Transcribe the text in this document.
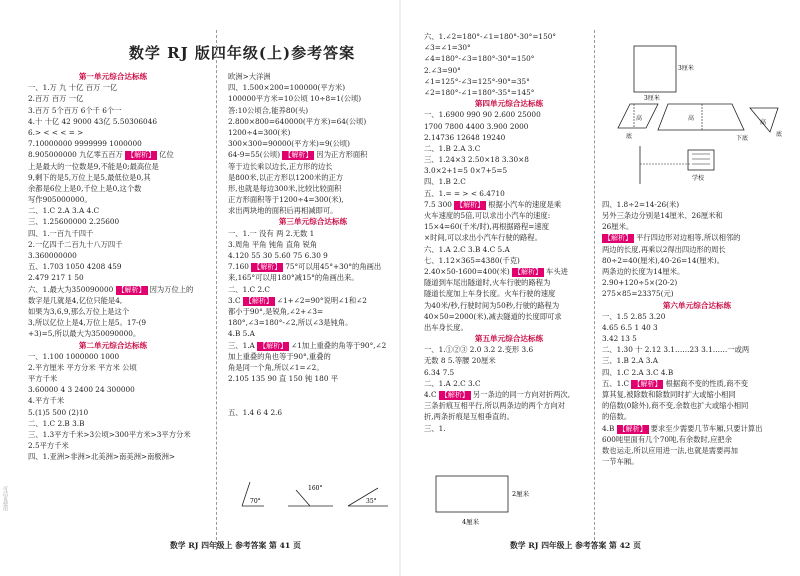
可活页使用
数学 RJ 版四年级(上)参考答案
第一单元综合达标练
一、1.万 九 十亿 百万 一亿
2.百万 百万 一亿
3.百万 5个百万 6个千 6个一
4.十 十亿 42 9000 43亿 5.50306046
6.> < < < = >
7.10000000 9999999 1000000
8.905000000 九亿零五百万 【解析】 亿位
上是最大的一位数是9,不能是0;最高位是
9,剩下的是5,万位上是5,最低位是0,其
余都是6位上是0,千位上是0,这个数
写作905000000。
二、1.C 2.A 3.A 4.C
三、1.25600000 2.25600
四、1.一百九千四千
2.一亿四千二百九十八万四千
3.360000000
五、1.703 1050 4208 459
2.479 217 1 50
六、1.最大为350090000 【解析】 因为万位上的
数字是几就是4,亿位只能是4,
如果为3,6,9,那么万位上是这个
3,所以亿位上是4,万位上是5。17-(9
+3)=5,所以最大为350090000。
第二单元综合达标练
一、1.100 1000000 1000
2.平方厘米 平方分米 平方米 公顷
平方千米
3.60000 4 3 2400 24 300000
4.平方千米
5.(1)5 500 (2)10
二、1.C 2.B 3.B
三、1.3平方千米>3公顷>300平方米>3平方分米
2.5平方千米
四、1.亚洲>非洲>北美洲>南美洲>南极洲>
欧洲>大洋洲
四、1.500×200=100000(平方米)
100000平方米=10公顷 10÷8=1(公顷)
答:10公顷合,能养80(头)
2.800×800=640000(平方米)=64(公顷)
1200÷4=300(米)
300×300=90000(平方米)=9(公顷)
64-9=55(公顷) 【解析】 因为正方形面积
等于边长乘以边长,正方形的边长
是800米,以正方形以1200米的正方
形,也就是每边300米,比较比较面积
正方形面积等于1200÷4=300(米),
求出两块地的面积后再相减即可。
第三单元综合达标练
一、1.一 没有 两 2.无数 1
3.周角 平角 钝角 直角 锐角
4.120 55 30 5.60 75 6.30 9
7.160 【解析】 75°可以用45°+30°的角画出
来,165°可以用180°减15°的角画出来。
二、1.C 2.C
3.C 【解析】 ∠1+∠2=90°说明∠1和∠2
都小于90°,是锐角,∠2+∠3=
180°,∠3=180°-∠2,所以∠3是钝角。
4.B 5.A
三、1.A 【解析】 ∠1加上重叠的角等于90°,∠2
加上重叠的角也等于90°,重叠的
角是同一个角,所以∠1=∠2。
2.105 135 90 直 150 钝 180 平
五、1.4 6 4 2.6
六、1.∠2=180°-∠1=180°-30°=150°
∠3=∠1=30°
∠4=180°-∠3=180°-30°=150°
2.∠3=90°
∠1=125°-∠3=125°-90°=35°
∠2=180°-∠1=180°-35°=145°
第四单元综合达标练
一、1.6900 990 90 2.600 25000
1700 7800 4400 3.900 2000
2.14736 12648 19240
二、1.B 2.A 3.C
三、1.24×3 2.50×18 3.30×8
3.0×2+1=5 0×7+5=5
四、1.B 2.C
五、1.= = > < 6.4710
7.5 300 【解析】 根据小汽车的速度是乘
火车速度的5倍,可以求出小汽车的速度:
15×4=60(千米/时),再根据路程=速度
×时间,可以求出小汽车行驶的路程。
六、1.A 2.C 3.B 4.C 5.A
七、1.12×365=4380(千克)
2.40×50-1600=400(米) 【解析】 车头进
隧道到车尾出隧道时,火车行驶的路程为
隧道长度加上车身长度。火车行驶的速度
为40米/秒,行驶时间为50秒,行驶的路程为
40×50=2000(米),减去隧道的长度即可求
出车身长度。
第五单元综合达标练
一、1.①②③ 2.0 3.2 2.变形 3.6
无数 8 5.等腰 20厘米
6.34 7.5
二、1.A 2.C 3.C
4.C 【解析】 另一条边的同一方向对折两次,
三条折痕互相平行,所以两条边的两个方向对
折,两条折痕是互相垂直的。
三、1.
四、1.8÷2=14-26(米)
另外三条边分别是14厘米、26厘米和
26厘米。
【解析】 平行四边形对边相等,所以相邻的
两边的长度,再乘以2得出四边形的周长
80÷2=40(厘米),40-26=14(厘米)。
两条边的长度为14厘米。
2.90+120÷5×(20-2)
275×85=23375(元)
第六单元综合达标练
一、1.5 2.85 3.20
4.65 6.5 1 40 3
3.42 13 5
二、1.30 十 2.12 3.1……23 3.1……一或两
三、1.B 2.A 3.A
四、1.C 2.A 3.C 4.B
五、1.C 【解析】 根据商不变的性质,商不变
算其复,被除数和除数同时扩大或缩小相同
的倍数(0除外),商不变,余数也扩大或缩小相同
的倍数。
4.B 【解析】 要求至少需要几节车厢,只要计算出
600吨里面有几个70吨,有余数时,应把余
数也运走,所以应用进一法,也就是需要再加
一节车厢。
70°
160°
35°
2厘米
4厘米
3厘米
3厘米
高
底
高
下底
高
底
学校
数学 RJ 四年级上 参考答案 第 41 页	数学 RJ 四年级上 参考答案 第 42 页
